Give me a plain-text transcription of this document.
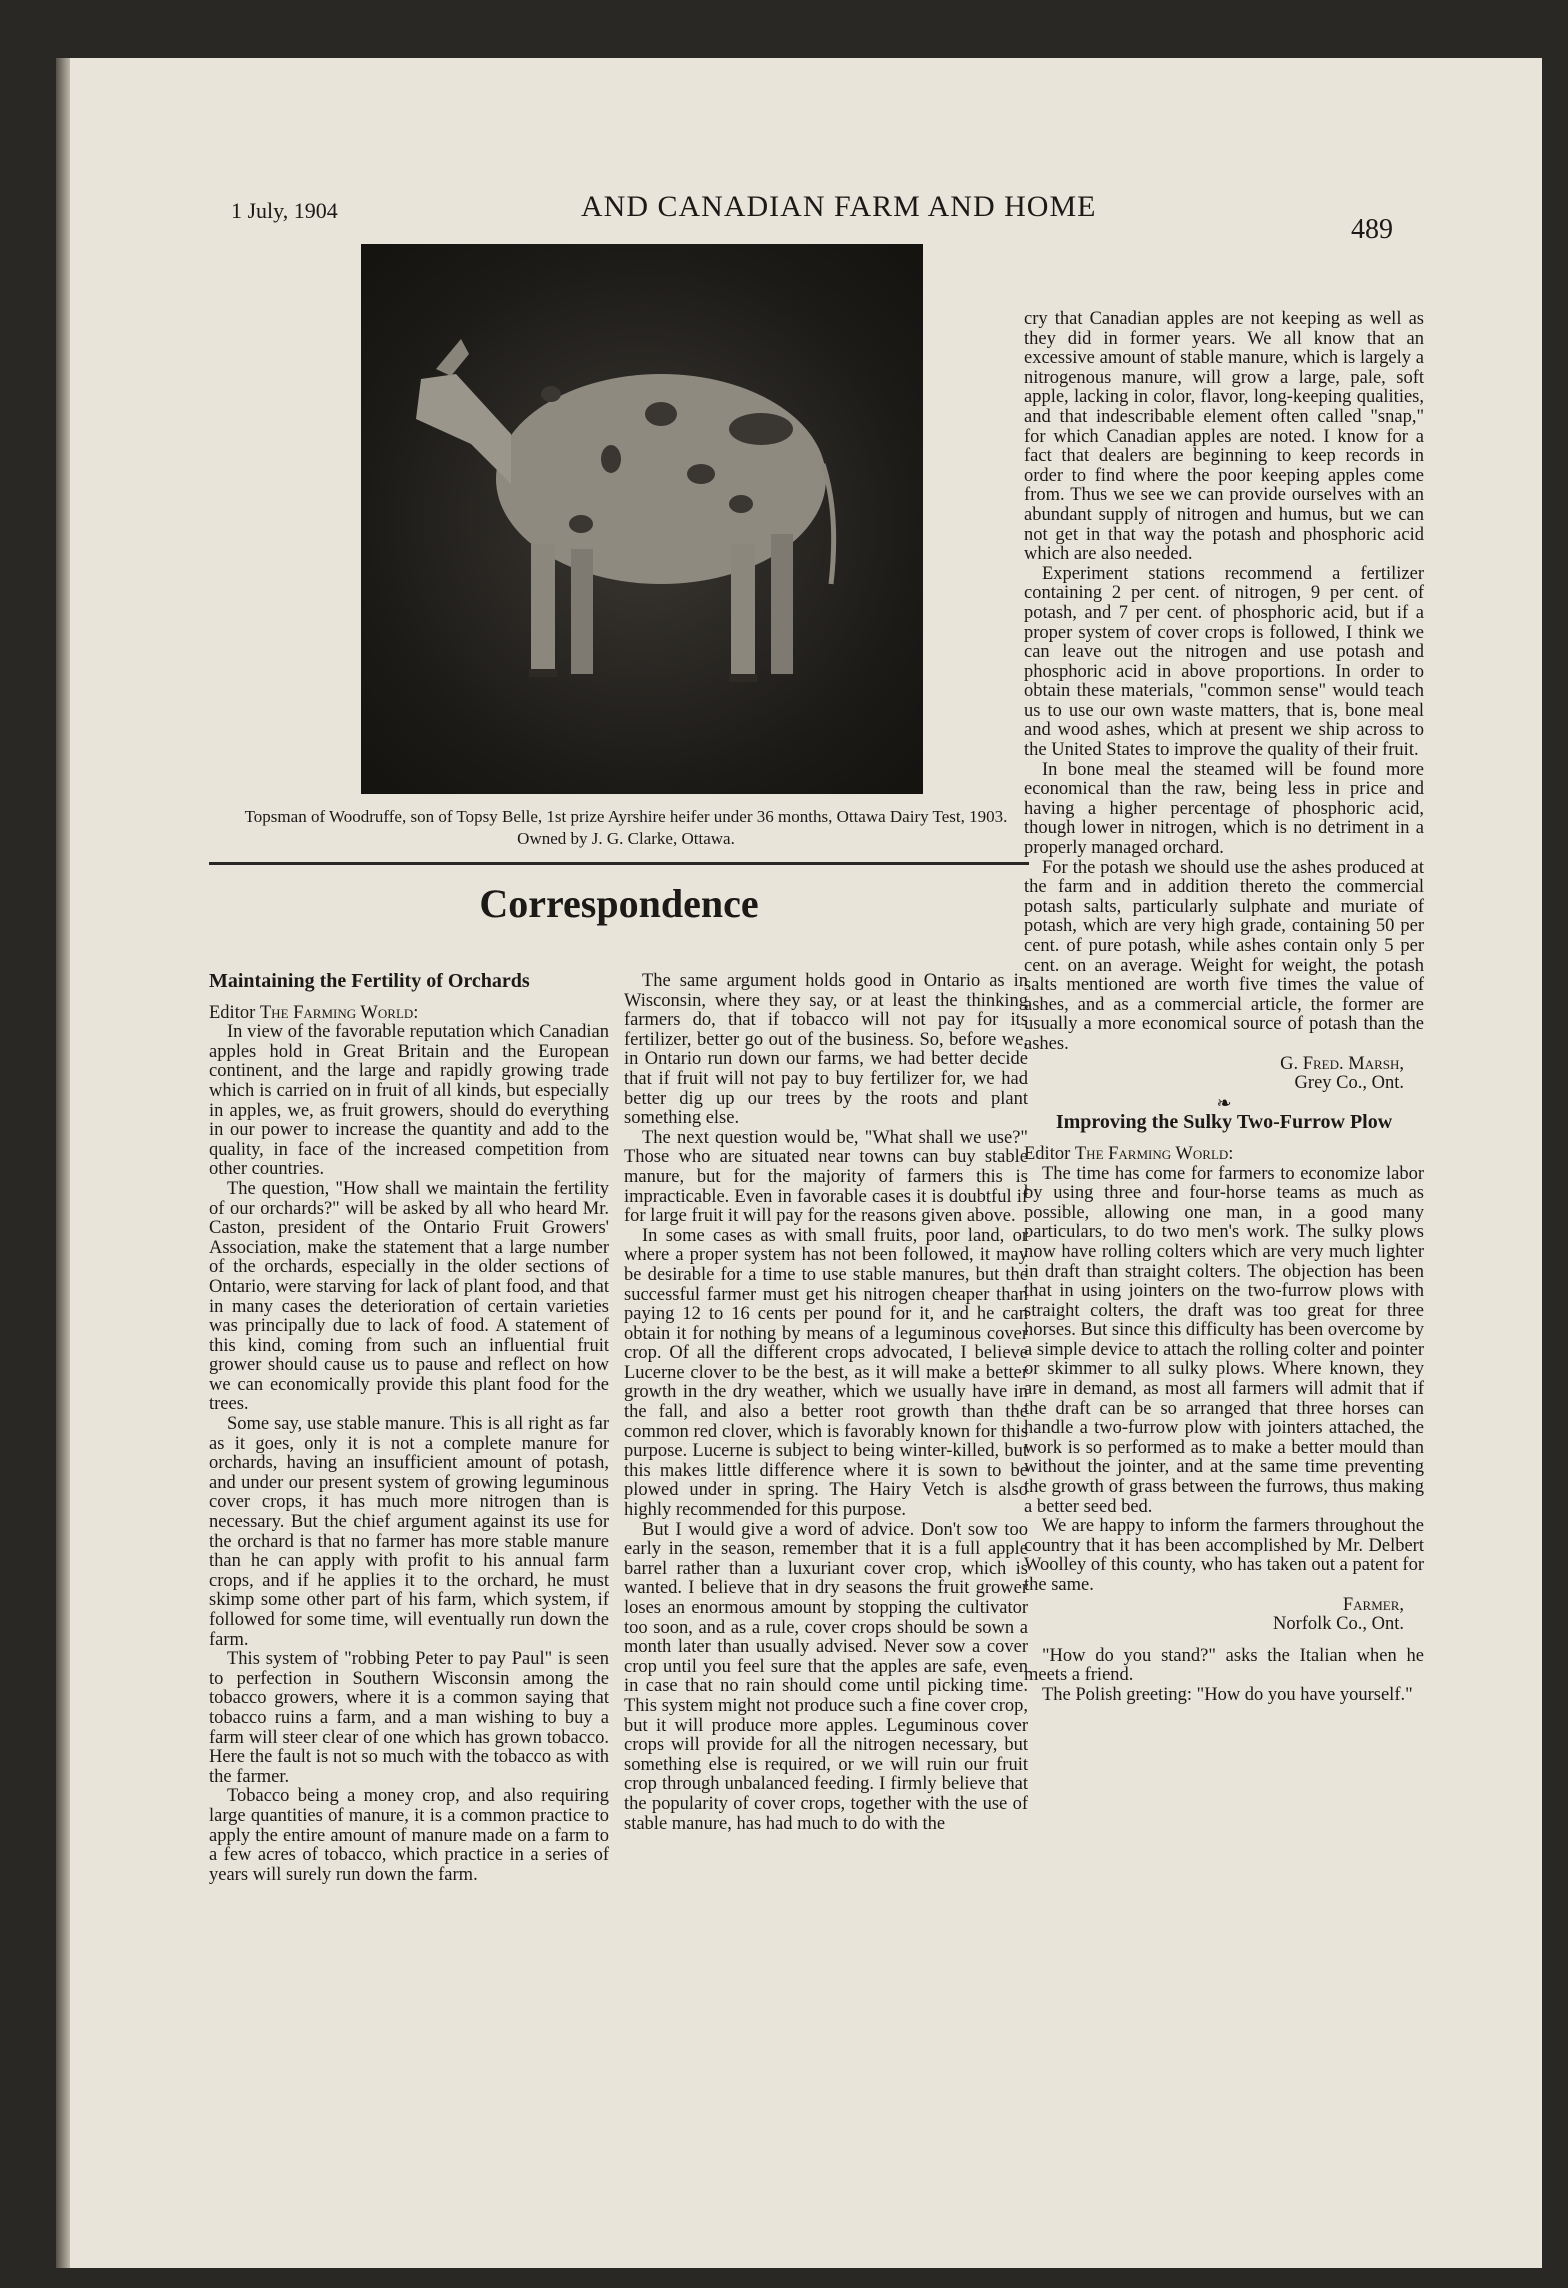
1 July, 1904	AND CANADIAN FARM AND HOME
489
Topsman of Woodruffe, son of Topsy Belle, 1st prize Ayrshire heifer under 36 months, Ottawa Dairy Test, 1903. Owned by J. G. Clarke, Ottawa.
Correspondence
Maintaining the Fertility of Orchards

Editor The Farming World:

In view of the favorable reputation which Canadian apples hold in Great Britain and the European continent, and the large and rapidly growing trade which is carried on in fruit of all kinds, but especially in apples, we, as fruit growers, should do everything in our power to increase the quantity and add to the quality, in face of the increased competition from other countries.

The question, "How shall we maintain the fertility of our orchards?" will be asked by all who heard Mr. Caston, president of the Ontario Fruit Growers' Association, make the statement that a large number of the orchards, especially in the older sections of Ontario, were starving for lack of plant food, and that in many cases the deterioration of certain varieties was principally due to lack of food. A statement of this kind, coming from such an influential fruit grower should cause us to pause and reflect on how we can economically provide this plant food for the trees.

Some say, use stable manure. This is all right as far as it goes, only it is not a complete manure for orchards, having an insufficient amount of potash, and under our present system of growing leguminous cover crops, it has much more nitrogen than is necessary. But the chief argument against its use for the orchard is that no farmer has more stable manure than he can apply with profit to his annual farm crops, and if he applies it to the orchard, he must skimp some other part of his farm, which system, if followed for some time, will eventually run down the farm.

This system of "robbing Peter to pay Paul" is seen to perfection in Southern Wisconsin among the tobacco growers, where it is a common saying that tobacco ruins a farm, and a man wishing to buy a farm will steer clear of one which has grown tobacco. Here the fault is not so much with the tobacco as with the farmer.

Tobacco being a money crop, and also requiring large quantities of manure, it is a common practice to apply the entire amount of manure made on a farm to a few acres of tobacco, which practice in a series of years will surely run down the farm.

The same argument holds good in Ontario as in Wisconsin, where they say, or at least the thinking farmers do, that if tobacco will not pay for its fertilizer, better go out of the business. So, before we, in Ontario run down our farms, we had better decide that if fruit will not pay to buy fertilizer for, we had better dig up our trees by the roots and plant something else.

The next question would be, "What shall we use?" Those who are situated near towns can buy stable manure, but for the majority of farmers this is impracticable. Even in favorable cases it is doubtful if for large fruit it will pay for the reasons given above.

In some cases as with small fruits, poor land, or where a proper system has not been followed, it may be desirable for a time to use stable manures, but the successful farmer must get his nitrogen cheaper than paying 12 to 16 cents per pound for it, and he can obtain it for nothing by means of a leguminous cover crop. Of all the different crops advocated, I believe Lucerne clover to be the best, as it will make a better growth in the dry weather, which we usually have in the fall, and also a better root growth than the common red clover, which is favorably known for this purpose. Lucerne is subject to being winter-killed, but this makes little difference where it is sown to be plowed under in spring. The Hairy Vetch is also highly recommended for this purpose.

But I would give a word of advice. Don't sow too early in the season, remember that it is a full apple barrel rather than a luxuriant cover crop, which is wanted. I believe that in dry seasons the fruit grower loses an enormous amount by stopping the cultivator too soon, and as a rule, cover crops should be sown a month later than usually advised. Never sow a cover crop until you feel sure that the apples are safe, even in case that no rain should come until picking time. This system might not produce such a fine cover crop, but it will produce more apples. Leguminous cover crops will provide for all the nitrogen necessary, but something else is required, or we will ruin our fruit crop through unbalanced feeding. I firmly believe that the popularity of cover crops, together with the use of stable manure, has had much to do with the

cry that Canadian apples are not keeping as well as they did in former years. We all know that an excessive amount of stable manure, which is largely a nitrogenous manure, will grow a large, pale, soft apple, lacking in color, flavor, long-keeping qualities, and that indescribable element often called "snap," for which Canadian apples are noted. I know for a fact that dealers are beginning to keep records in order to find where the poor keeping apples come from. Thus we see we can provide ourselves with an abundant supply of nitrogen and humus, but we can not get in that way the potash and phosphoric acid which are also needed.

Experiment stations recommend a fertilizer containing 2 per cent. of nitrogen, 9 per cent. of potash, and 7 per cent. of phosphoric acid, but if a proper system of cover crops is followed, I think we can leave out the nitrogen and use potash and phosphoric acid in above proportions. In order to obtain these materials, "common sense" would teach us to use our own waste matters, that is, bone meal and wood ashes, which at present we ship across to the United States to improve the quality of their fruit.

In bone meal the steamed will be found more economical than the raw, being less in price and having a higher percentage of phosphoric acid, though lower in nitrogen, which is no detriment in a properly managed orchard.

For the potash we should use the ashes produced at the farm and in addition thereto the commercial potash salts, particularly sulphate and muriate of potash, which are very high grade, containing 50 per cent. of pure potash, while ashes contain only 5 per cent. on an average. Weight for weight, the potash salts mentioned are worth five times the value of ashes, and as a commercial article, the former are usually a more economical source of potash than the ashes.

G. Fred. Marsh,

Grey Co., Ont.

❧

Improving the Sulky Two-Furrow Plow

Editor The Farming World:

The time has come for farmers to economize labor by using three and four-horse teams as much as possible, allowing one man, in a good many particulars, to do two men's work. The sulky plows now have rolling colters which are very much lighter in draft than straight colters. The objection has been that in using jointers on the two-furrow plows with straight colters, the draft was too great for three horses. But since this difficulty has been overcome by a simple device to attach the rolling colter and pointer or skimmer to all sulky plows. Where known, they are in demand, as most all farmers will admit that if the draft can be so arranged that three horses can handle a two-furrow plow with jointers attached, the work is so performed as to make a better mould than without the jointer, and at the same time preventing the growth of grass between the furrows, thus making a better seed bed.

We are happy to inform the farmers throughout the country that it has been accomplished by Mr. Delbert Woolley of this county, who has taken out a patent for the same.

Farmer,

Norfolk Co., Ont.

"How do you stand?" asks the Italian when he meets a friend.

The Polish greeting: "How do you have yourself."
